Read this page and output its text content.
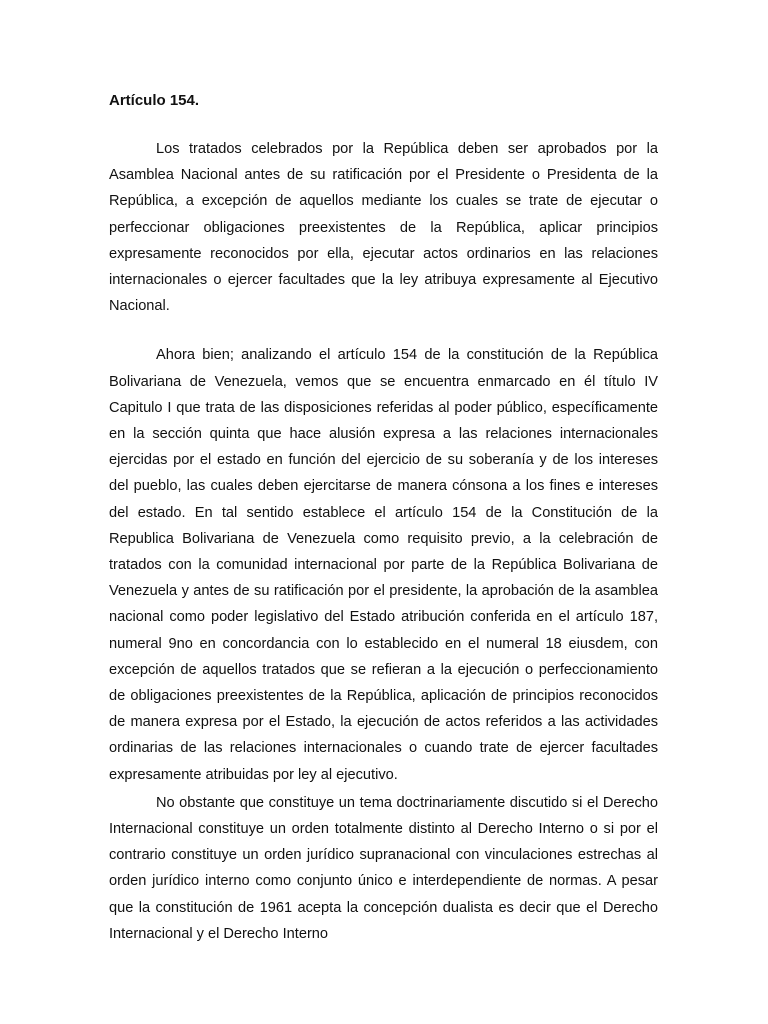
Artículo 154.

Los tratados celebrados por la República deben ser aprobados por la Asamblea Nacional antes de su ratificación por el Presidente o Presidenta de la República, a excepción de aquellos mediante los cuales se trate de ejecutar o perfeccionar obligaciones preexistentes de la República, aplicar principios expresamente reconocidos por ella, ejecutar actos ordinarios en las relaciones internacionales o ejercer facultades que la ley atribuya expresamente al Ejecutivo Nacional.

Ahora bien; analizando el artículo 154 de la constitución de la República Bolivariana de Venezuela, vemos que se encuentra enmarcado en él título IV Capitulo I que trata de las disposiciones referidas al poder público, específicamente en la sección quinta que hace alusión expresa a las relaciones internacionales ejercidas por el estado en función del ejercicio de su soberanía y de los intereses del pueblo, las cuales deben ejercitarse de manera cónsona a los fines e intereses del estado. En tal sentido establece el artículo 154 de la Constitución de la Republica Bolivariana de Venezuela como requisito previo, a la celebración de tratados con la comunidad internacional por parte de la República Bolivariana de Venezuela y antes de su ratificación por el presidente, la aprobación de la asamblea nacional como poder legislativo del Estado atribución conferida en el artículo 187, numeral 9no en concordancia con lo establecido en el numeral 18 eiusdem, con excepción de aquellos tratados que se refieran a la ejecución o perfeccionamiento de obligaciones preexistentes de la República, aplicación de principios reconocidos de manera expresa por el Estado, la ejecución de actos referidos a las actividades ordinarias de las relaciones internacionales o cuando trate de ejercer facultades expresamente atribuidas por ley al ejecutivo.

No obstante que constituye un tema doctrinariamente discutido si el Derecho Internacional constituye un orden totalmente distinto al Derecho Interno o si por el contrario constituye un orden jurídico supranacional con vinculaciones estrechas al orden jurídico interno como conjunto único e interdependiente de normas. A pesar que la constitución de 1961 acepta la concepción dualista es decir que el Derecho Internacional y el Derecho Interno
